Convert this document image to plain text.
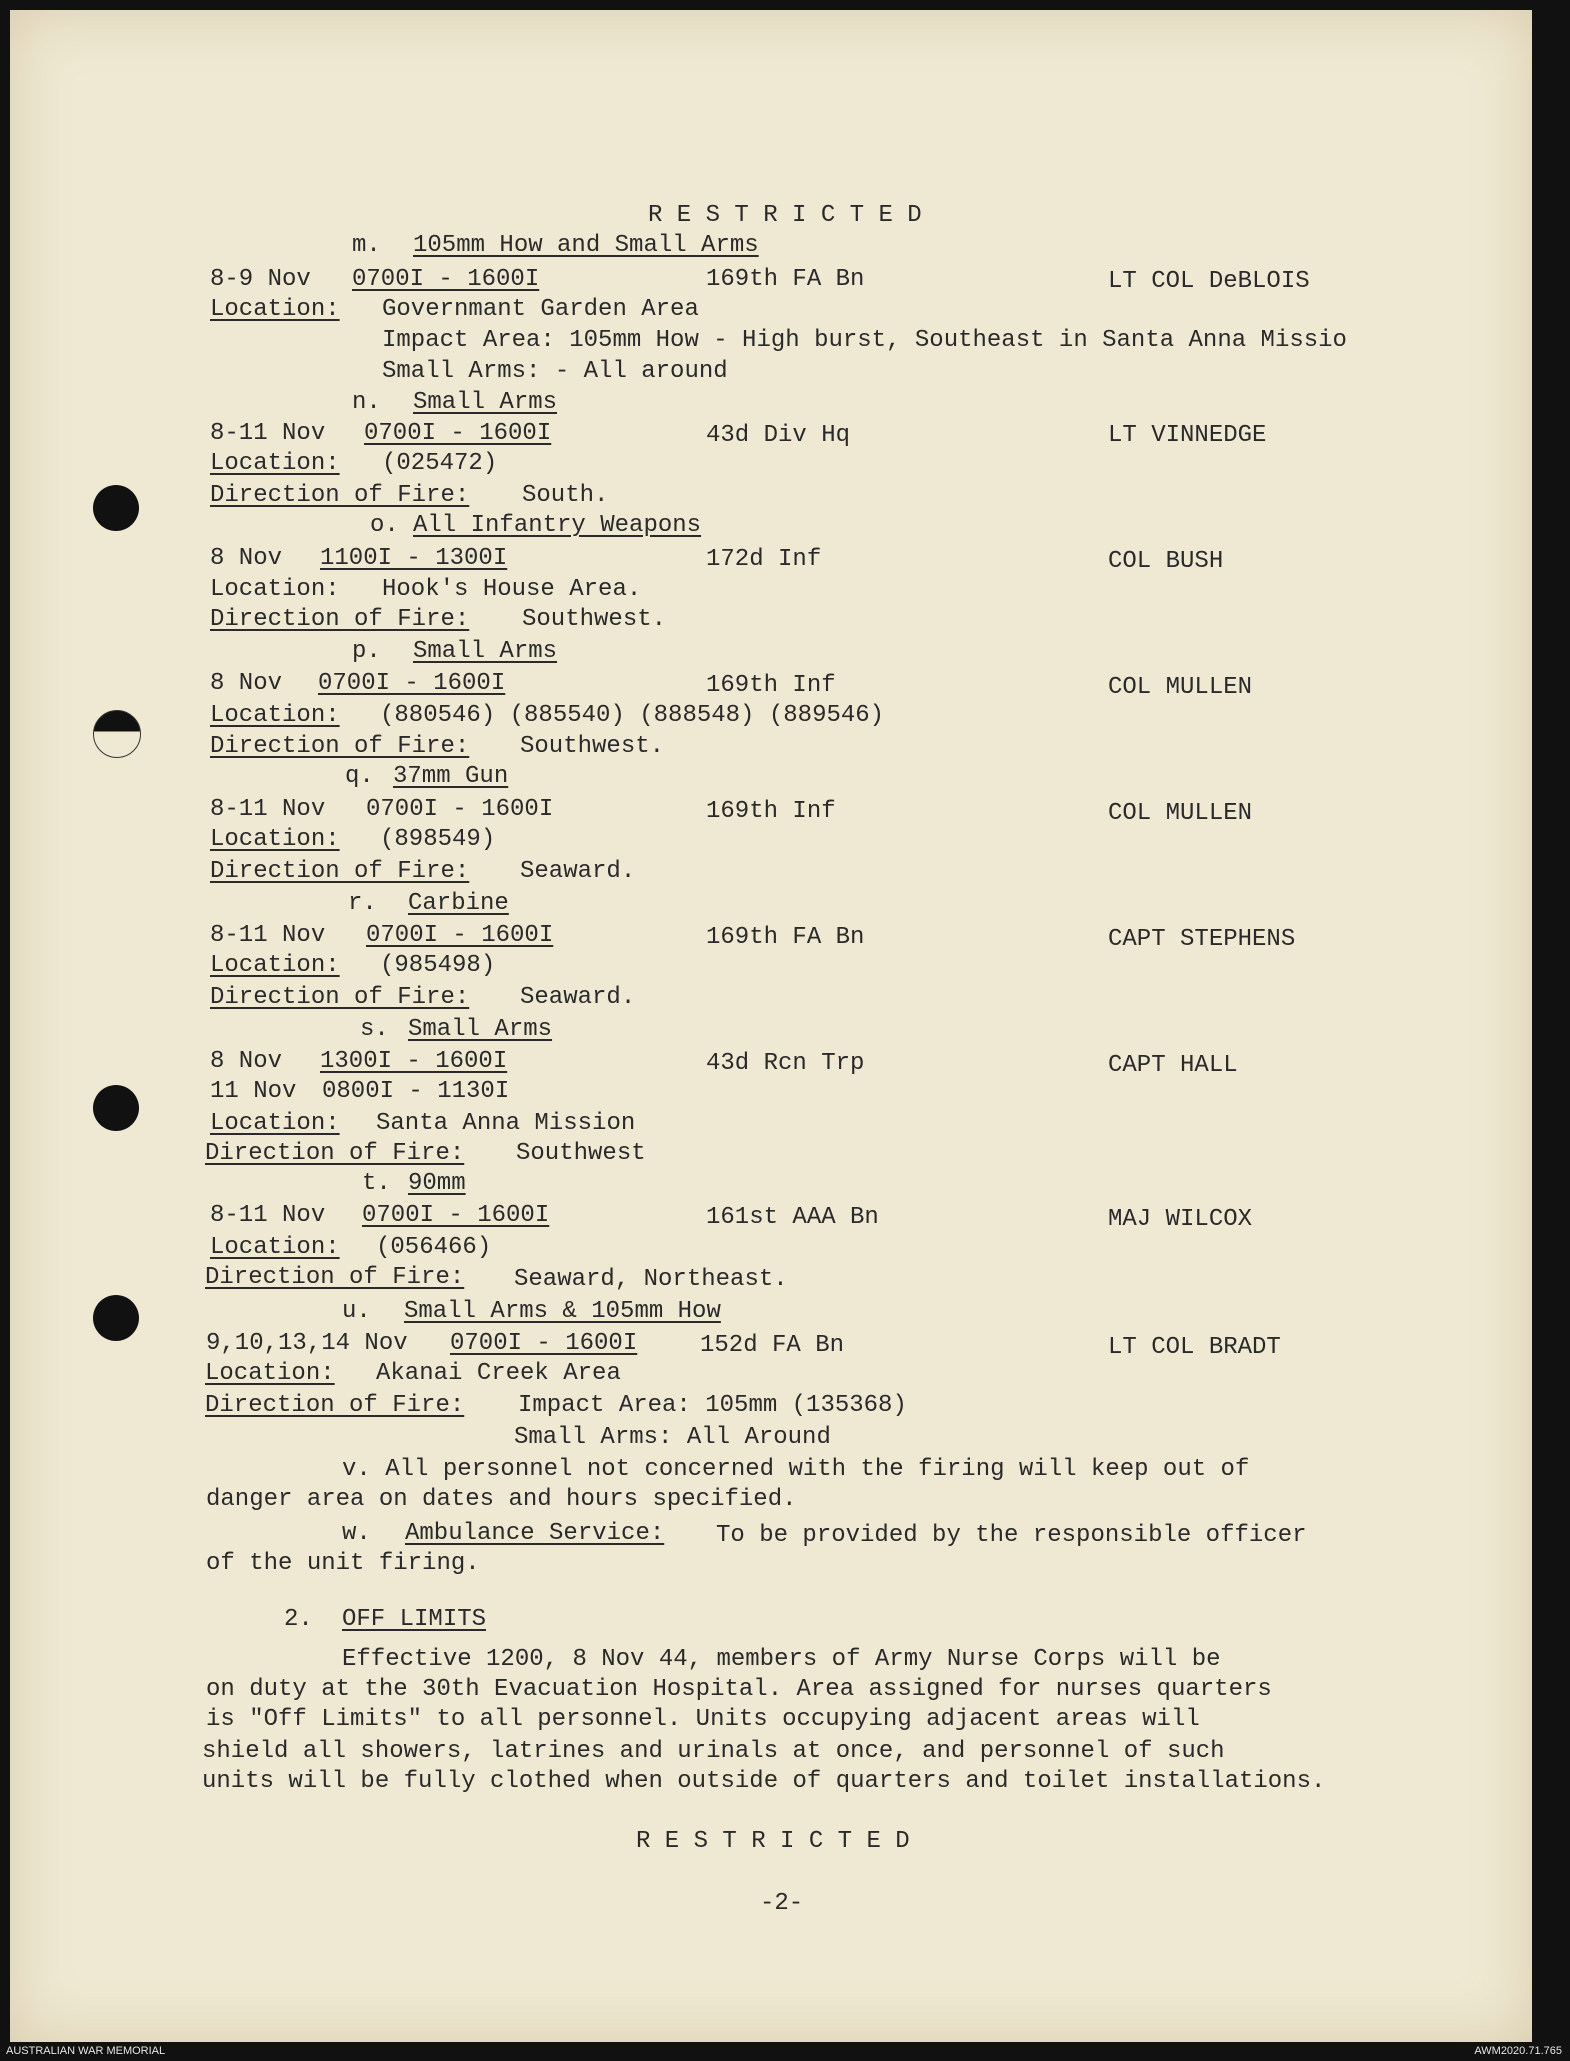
R E S T R I C T E D
m. 105mm How and Small Arms
8-9 Nov 0700I - 1600I	169th FA Bn	LT COL DeBLOIS
Location: Governmant Garden Area
Impact Area: 105mm How - High burst, Southeast in Santa Anna Missio
Small Arms: - All around
n. Small Arms
8-11 Nov 0700I - 1600I	43d Div Hq	LT VINNEDGE
Location: (025472)
Direction of Fire: South.
o. All Infantry Weapons
8 Nov 1100I - 1300I	172d Inf	COL BUSH
Location: Hook's House Area.
Direction of Fire: Southwest.
p. Small Arms
8 Nov 0700I - 1600I	169th Inf	COL MULLEN
Location: (880546) (885540) (888548) (889546)
Direction of Fire: Southwest.
q. 37mm Gun
8-11 Nov 0700I - 1600I	169th Inf	COL MULLEN
Location: (898549)
Direction of Fire: Seaward.
r. Carbine
8-11 Nov 0700I - 1600I	169th FA Bn	CAPT STEPHENS
Location: (985498)
Direction of Fire: Seaward.
s. Small Arms
8 Nov 1300I - 1600I	43d Rcn Trp	CAPT HALL
11 Nov 0800I - 1130I
Location: Santa Anna Mission
Direction of Fire: Southwest
t. 90mm
8-11 Nov 0700I - 1600I	161st AAA Bn	MAJ WILCOX
Location: (056466)
Direction of Fire: Seaward, Northeast.
u. Small Arms & 105mm How
9,10,13,14 Nov 0700I - 1600I	152d FA Bn	LT COL BRADT
Location: Akanai Creek Area
Direction of Fire: Impact Area: 105mm (135368)
Small Arms: All Around
v. All personnel not concerned with the firing will keep out of
danger area on dates and hours specified.
w. Ambulance Service: To be provided by the responsible officer
of the unit firing.
2. OFF LIMITS
Effective 1200, 8 Nov 44, members of Army Nurse Corps will be
on duty at the 30th Evacuation Hospital. Area assigned for nurses quarters
is "Off Limits" to all personnel. Units occupying adjacent areas will
shield all showers, latrines and urinals at once, and personnel of such
units will be fully clothed when outside of quarters and toilet installations.
R E S T R I C T E D
-2-
AUSTRALIAN WAR MEMORIAL	AWM2020.71.765
